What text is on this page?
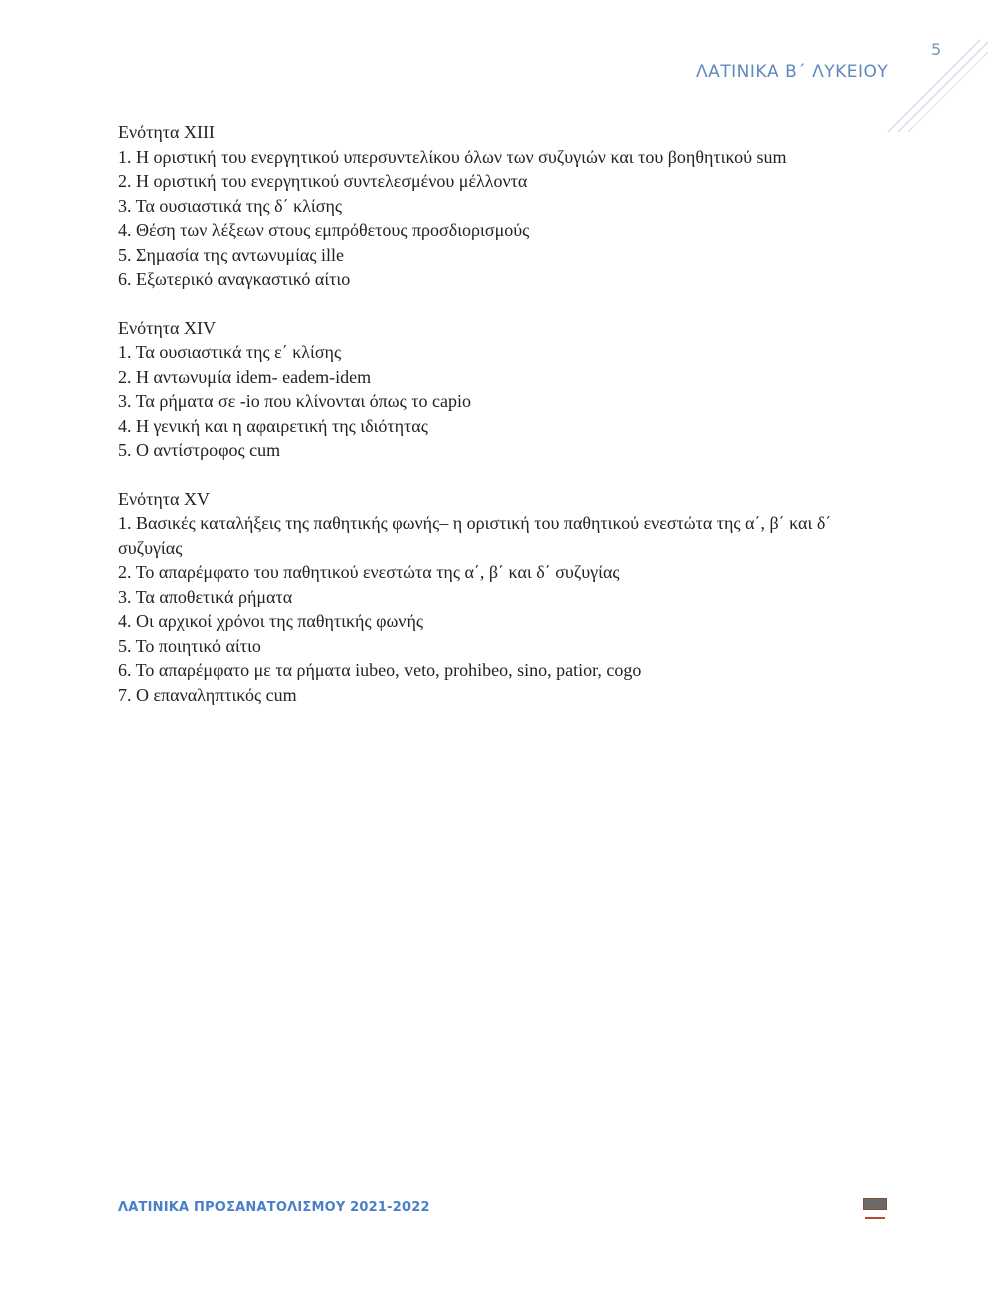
5
ΛΑΤΙΝΙΚΑ Β΄ ΛΥΚΕΙΟΥ

Ενότητα XIII

1. Η οριστική του ενεργητικού υπερσυντελίκου όλων των συζυγιών και του βοηθητικού sum
2. Η οριστική του ενεργητικού συντελεσμένου μέλλοντα
3. Τα ουσιαστικά της δ΄ κλίσης
4. Θέση των λέξεων στους εμπρόθετους προσδιορισμούς
5. Σημασία της αντωνυμίας ille
6. Εξωτερικό αναγκαστικό αίτιο

Ενότητα XIV

1. Τα ουσιαστικά της ε΄ κλίσης
2. Η αντωνυμία idem- eadem-idem
3. Τα ρήματα σε -io που κλίνονται όπως το capio
4. Η γενική και η αφαιρετική της ιδιότητας
5. Ο αντίστροφος cum

Ενότητα XV

1. Βασικές καταλήξεις της παθητικής φωνής– η οριστική του παθητικού ενεστώτα της α΄, β΄ και δ΄ συζυγίας
2. Το απαρέμφατο του παθητικού ενεστώτα της α΄, β΄ και δ΄ συζυγίας
3. Τα αποθετικά ρήματα
4. Οι αρχικοί χρόνοι της παθητικής φωνής
5. Το ποιητικό αίτιο
6. Το απαρέμφατο με τα ρήματα iubeo, veto, prohibeo, sino, patior, cogo
7. Ο επαναληπτικός cum
ΛΑΤΙΝΙΚΑ ΠΡΟΣΑΝΑΤΟΛΙΣΜΟΥ 2021-2022
